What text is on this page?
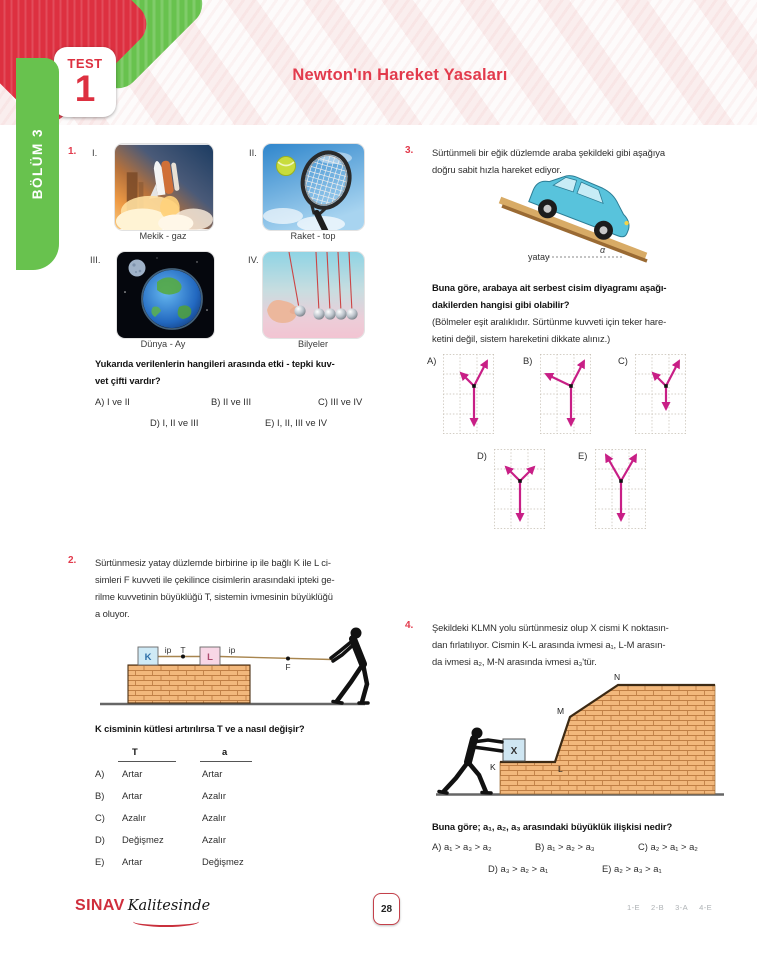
Newton'ın Hareket Yasaları
TEST
1
BÖLÜM 3 1. I.	II.
Mekik - gaz	Raket - top
III.	IV.
Dünya - Ay	Bilyeler
Yukarıda verilenlerin hangileri arasında etki - tepki kuv-
vet çifti vardır?
A) I ve II	B) II ve III	C) III ve IV
D) I, II ve III	E) I, II, III ve IV
2. Sürtünmesiz yatay düzlemde birbirine ip ile bağlı K ile L ci-
simleri F kuvveti ile çekilince cisimlerin arasındaki ipteki ge-
rilme kuvvetinin büyüklüğü T, sistemin ivmesinin büyüklüğü
a oluyor.
K	L
ip T	ip
F
K cisminin kütlesi artırılırsa T ve a nasıl değişir?
T	a
A) Artar	Artar
B) Artar	Azalır
C) Azalır	Azalır
D) Değişmez	Azalır
E) Artar	Değişmez
3. Sürtünmeli bir eğik düzlemde araba şekildeki gibi aşağıya
doğru sabit hızla hareket ediyor.
yatay
α
Buna göre, arabaya ait serbest cisim diyagramı aşağı-
dakilerden hangisi gibi olabilir?
(Bölmeler eşit aralıklıdır. Sürtünme kuvveti için teker hare-
ketini değil, sistem hareketini dikkate alınız.)
A)	B)	C)
D)	E)
4. Şekildeki KLMN yolu sürtünmesiz olup X cismi K noktasın-
dan fırlatılıyor. Cismin K-L arasında ivmesi a₁, L-M arasın-
da ivmesi a₂, M-N arasında ivmesi a₃'tür.
X
K	L
M
N
Buna göre; a₁, a₂, a₃ arasındaki büyüklük ilişkisi nedir?
A) a₁ > a₃ > a₂	B) a₁ > a₂ > a₃	C) a₂ > a₁ > a₂
D) a₃ > a₂ > a₁	E) a₂ > a₃ > a₁
SINAV Kalitesinde	28	1-E 2-B 3-A 4-E
